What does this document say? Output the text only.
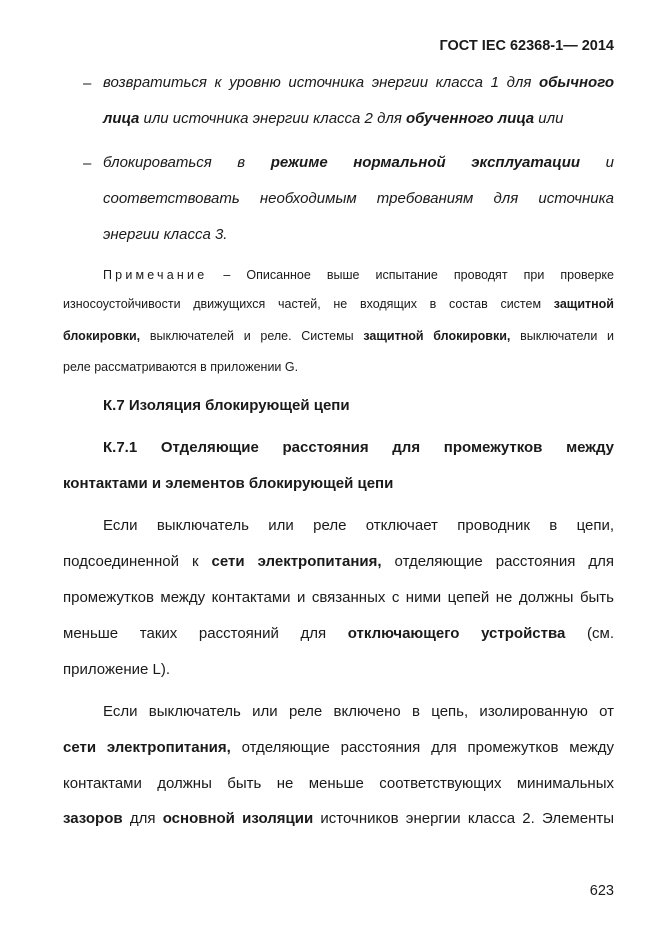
ГОСТ IEC 62368-1— 2014
– возвратиться к уровню источника энергии класса 1 для обычного
лица или источника энергии класса 2 для обученного лица или
– блокироваться в режиме нормальной эксплуатации и
соответствовать необходимым требованиям для источника
энергии класса 3.
Примечание – Описанное выше испытание проводят при проверке
износоустойчивости движущихся частей, не входящих в состав систем защитной
блокировки, выключателей и реле. Системы защитной блокировки, выключатели и
реле рассматриваются в приложении G.
К.7 Изоляция блокирующей цепи
К.7.1 Отделяющие расстояния для промежутков между
контактами и элементов блокирующей цепи
Если выключатель или реле отключает проводник в цепи,
подсоединенной к сети электропитания, отделяющие расстояния для
промежутков между контактами и связанных с ними цепей не должны быть
меньше таких расстояний для отключающего устройства (см.
приложение L).
Если выключатель или реле включено в цепь, изолированную от
сети электропитания, отделяющие расстояния для промежутков между
контактами должны быть не меньше соответствующих минимальных
зазоров для основной изоляции источников энергии класса 2. Элементы
623
